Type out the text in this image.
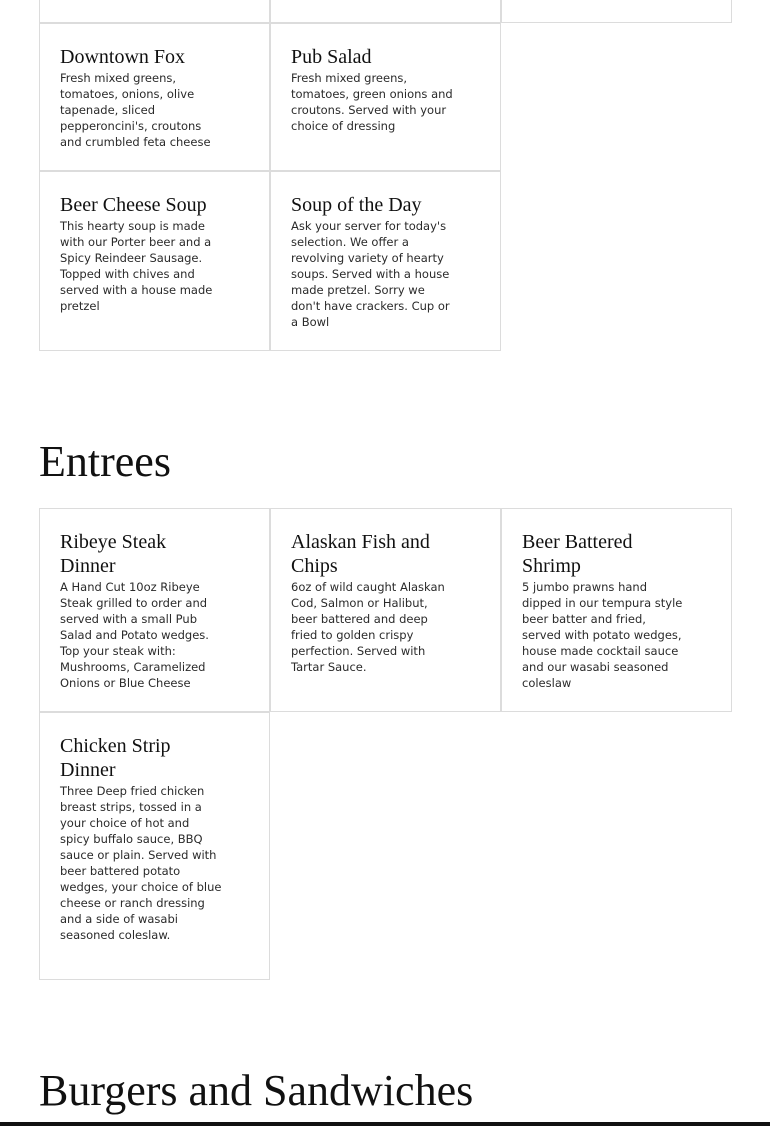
Downtown Fox

Fresh mixed greens, tomatoes, onions, olive tapenade, sliced pepperoncini's, croutons and crumbled feta cheese

Pub Salad

Fresh mixed greens, tomatoes, green onions and croutons. Served with your choice of dressing

Beer Cheese Soup

This hearty soup is made with our Porter beer and a Spicy Reindeer Sausage. Topped with chives and served with a house made pretzel

Soup of the Day

Ask your server for today's selection. We offer a revolving variety of hearty soups. Served with a house made pretzel. Sorry we don't have crackers. Cup or a Bowl

Entrees
Ribeye Steak Dinner

A Hand Cut 10oz Ribeye Steak grilled to order and served with a small Pub Salad and Potato wedges. Top your steak with: Mushrooms, Caramelized Onions or Blue Cheese

Alaskan Fish and Chips

6oz of wild caught Alaskan Cod, Salmon or Halibut, beer battered and deep fried to golden crispy perfection. Served with Tartar Sauce.

Beer Battered Shrimp

5 jumbo prawns hand dipped in our tempura style beer batter and fried, served with potato wedges, house made cocktail sauce and our wasabi seasoned coleslaw

Chicken Strip Dinner

Three Deep fried chicken breast strips, tossed in a your choice of hot and spicy buffalo sauce, BBQ sauce or plain. Served with beer battered potato wedges, your choice of blue cheese or ranch dressing and a side of wasabi seasoned coleslaw.

Burgers and Sandwiches
